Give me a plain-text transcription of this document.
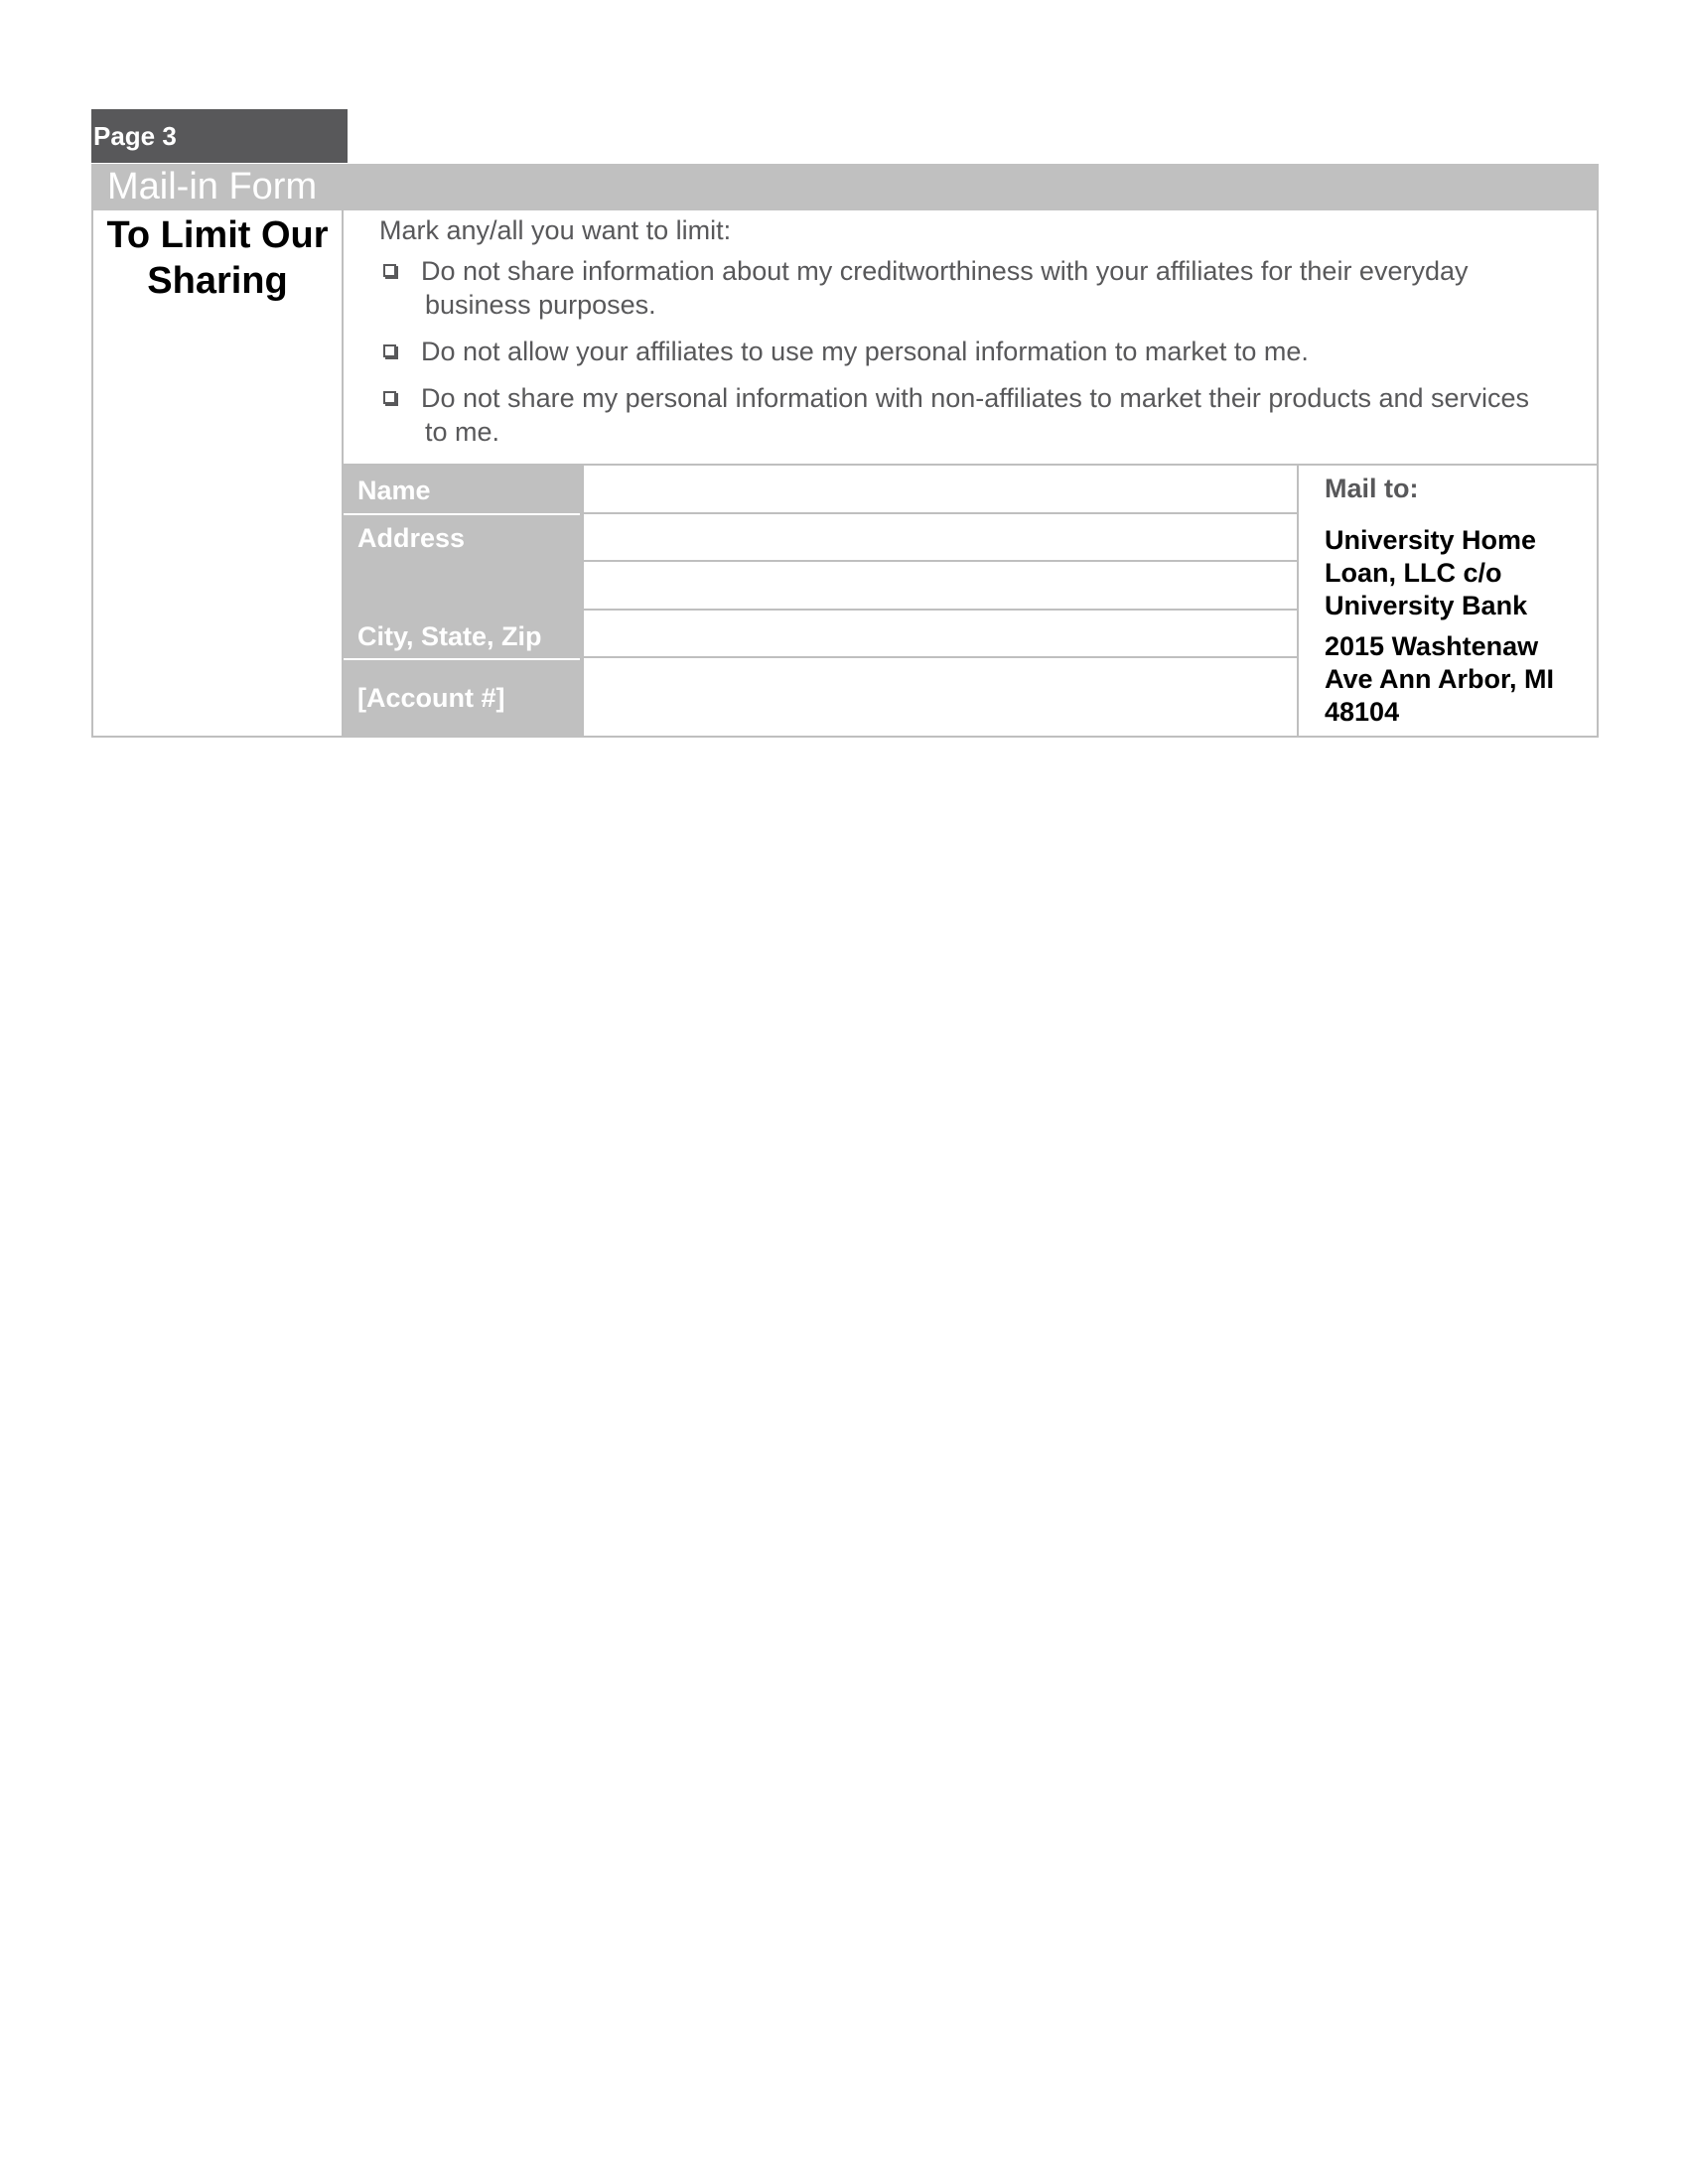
Page 3
Mail-in Form
To Limit Our
Sharing
Mark any/all you want to limit:
Do not share information about my creditworthiness with your affiliates for their everyday
business purposes.
Do not allow your affiliates to use my personal information to market to me.
Do not share my personal information with non-affiliates to market their products and services
to me.
Name
Address
City, State, Zip
[Account #]
Mail to:
University Home
Loan, LLC c/o
University Bank
2015 Washtenaw
Ave Ann Arbor, MI
48104
